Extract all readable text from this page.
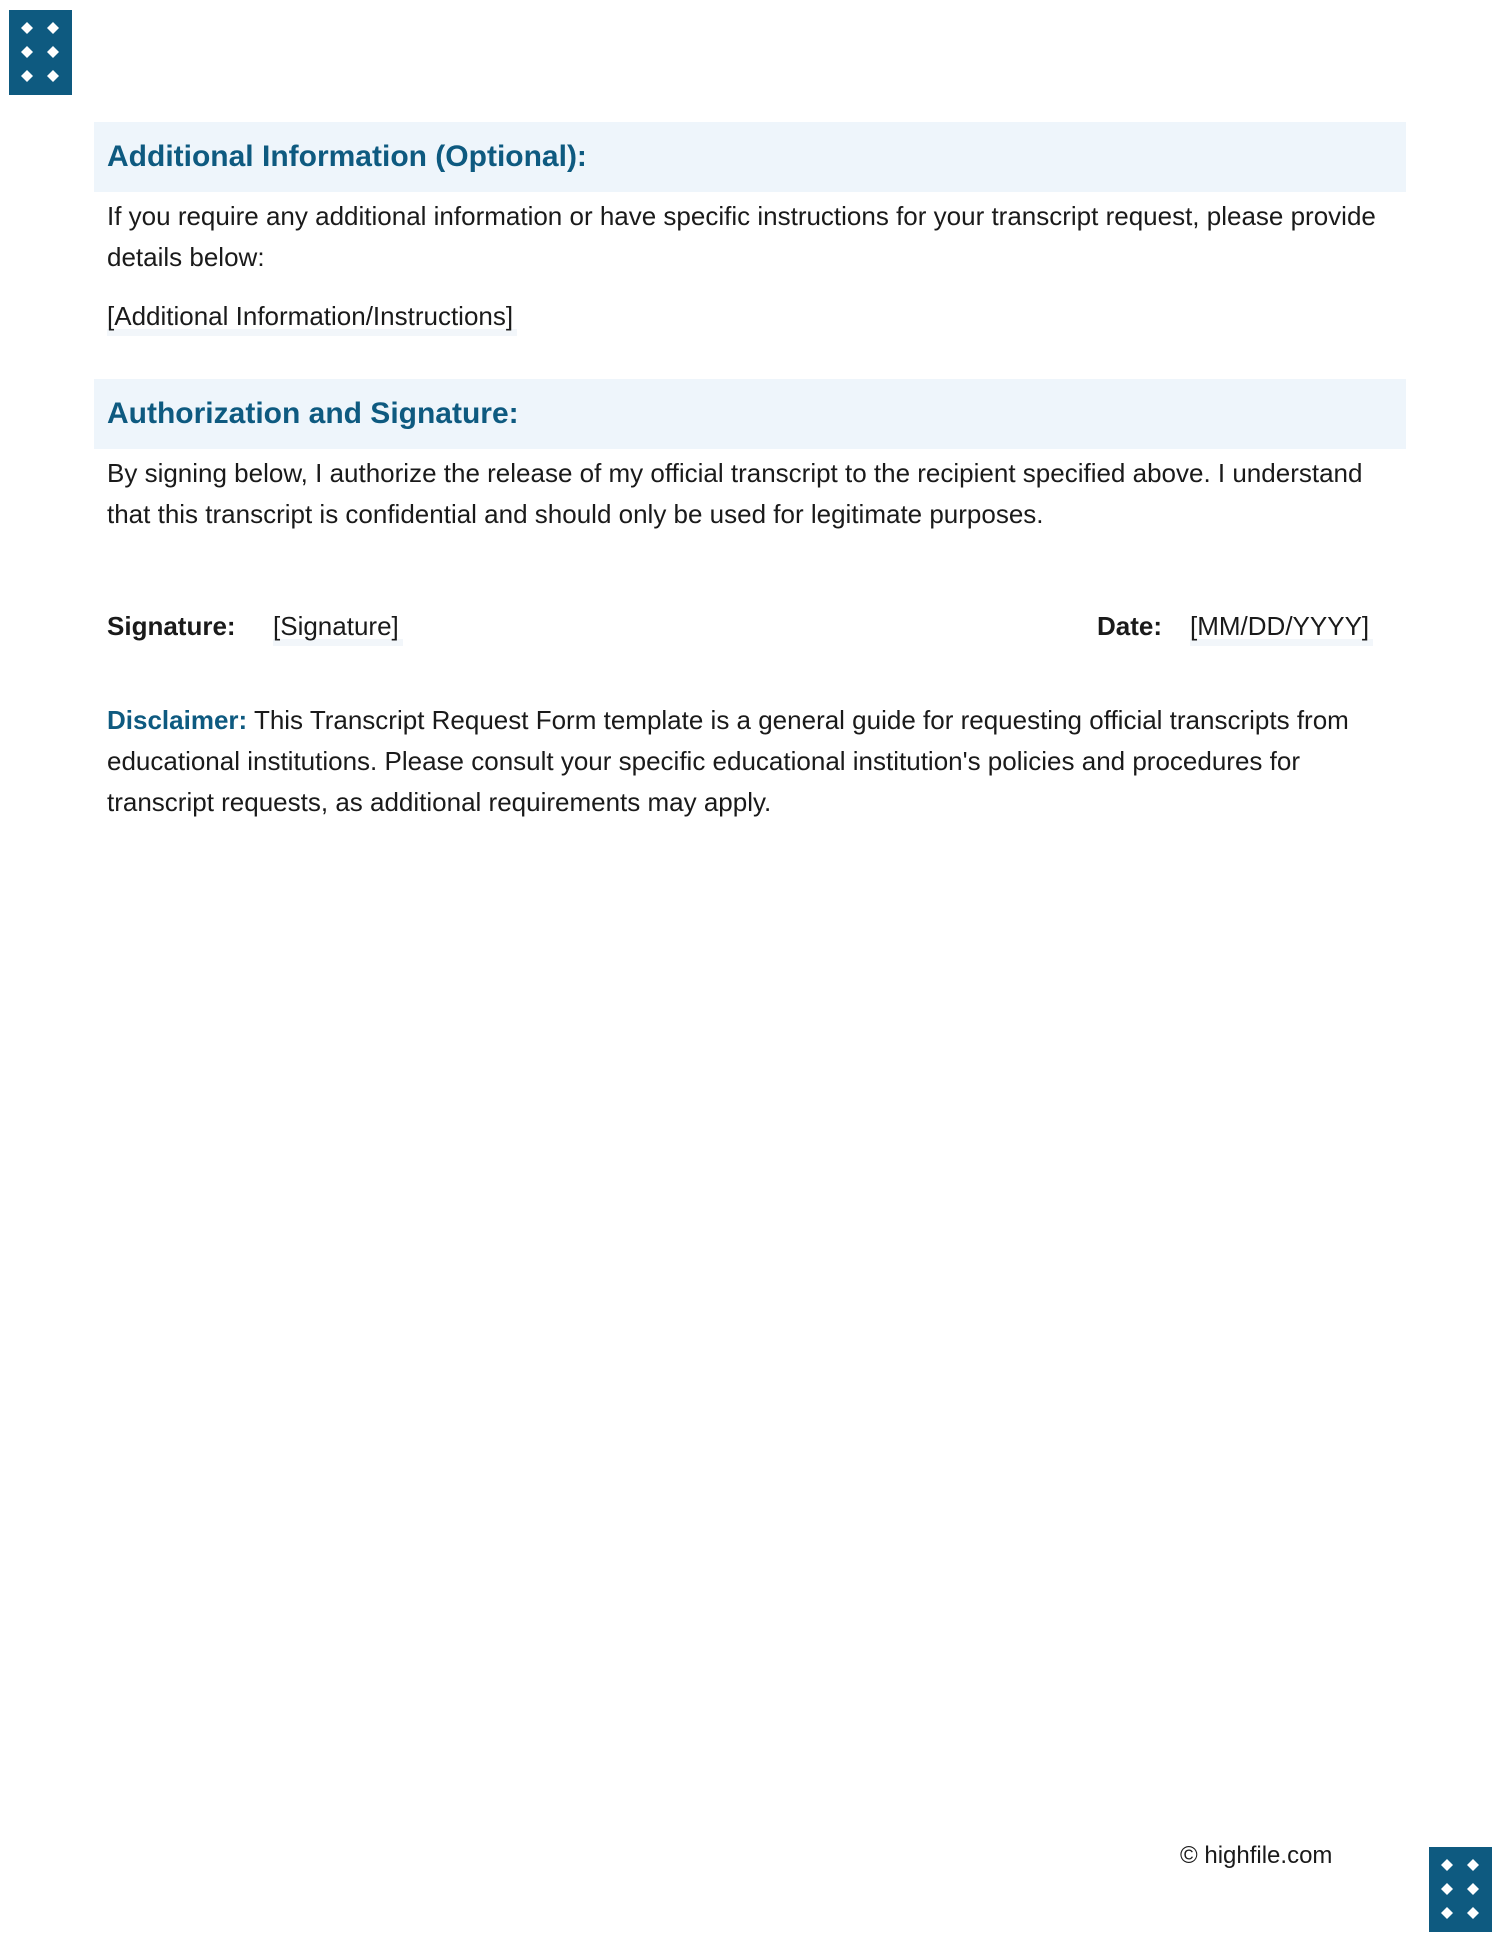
Additional Information (Optional):

If you require any additional information or have specific instructions for your transcript request, please provide details below:

[Additional Information/Instructions]
Authorization and Signature:

By signing below, I authorize the release of my official transcript to the recipient specified above. I understand that this transcript is confidential and should only be used for legitimate purposes.

Signature: [Signature]	Date: [MM/DD/YYYY]

Disclaimer: This Transcript Request Form template is a general guide for requesting official transcripts from educational institutions. Please consult your specific educational institution's policies and procedures for transcript requests, as additional requirements may apply.

© highfile.com
